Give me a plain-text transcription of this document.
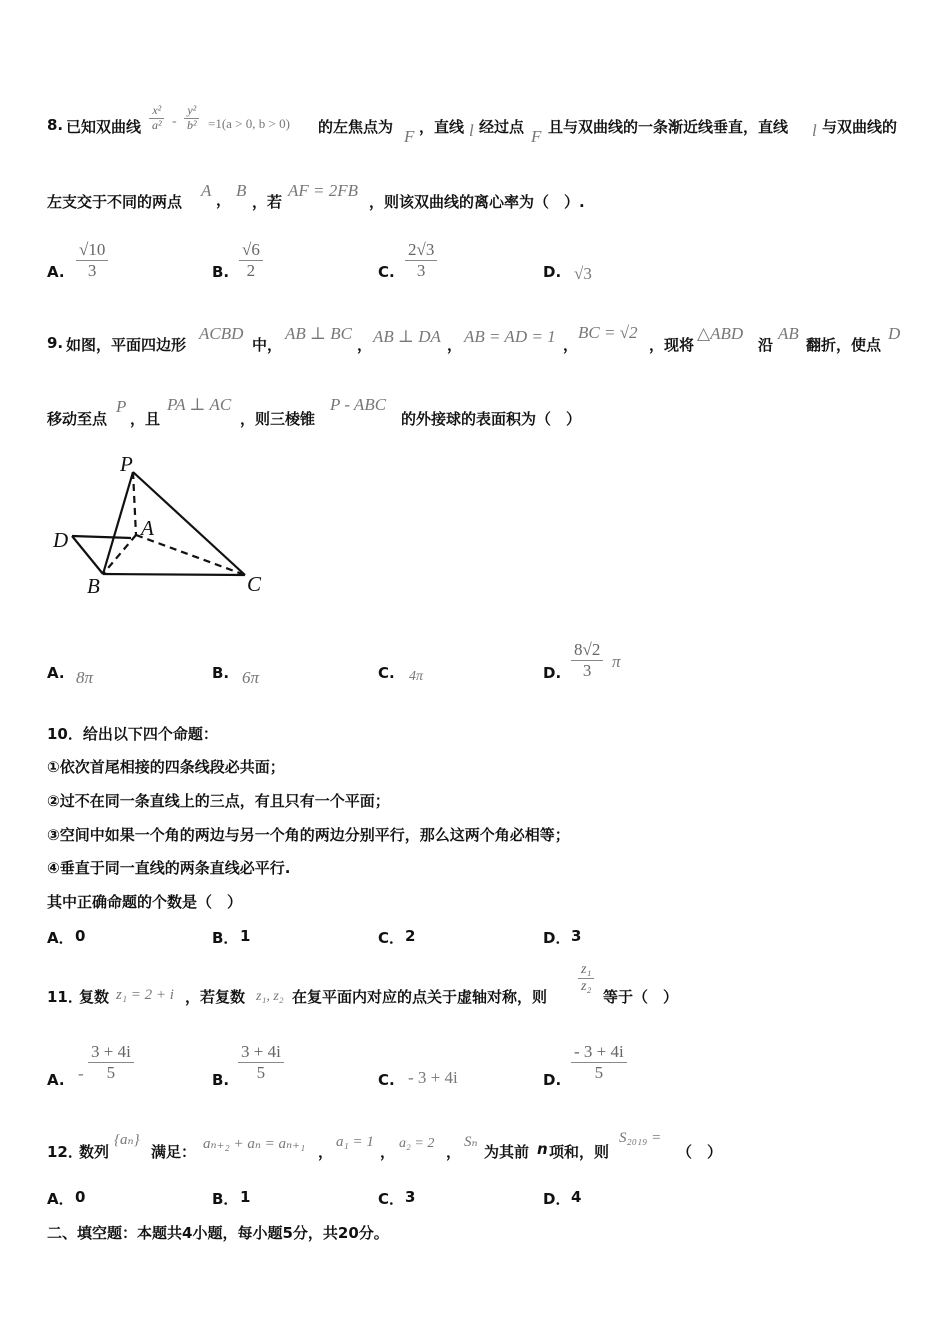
8. 已知双曲线 $\frac{\text{x²}}{\text{a²}} - \frac{\text{y²}}{\text{b²}} =1(a > 0$, b > 0) 的左焦点为 F ，直线 l 经过点 F 且与双曲线的一条渐近线垂直，直线 l 与双曲线的
左支交于不同的两点
A ， B
，若
AF = 2FB
，则该双曲线的离心率为（　）.
A. $\frac{√10}{3}$	B. $\frac{√6}{2}$	C. $\frac{2√3}{3}$	D. √3
9. 如图，平面四边形
ACBD
中，
AB ⊥ BC
， AB ⊥ DA ， AB = AD = 1 ，
BC = √2
，现将
△ABD
沿
AB
翻折，使点
D
移动至点
P
，且
PA ⊥ AC
，则三棱锥
P - ABC
的外接球的表面积为（　）
P
A
D
B	C
A. 8π	B. 6π	C. 4π	D. $\frac{8√2}{3}$ π
10．给出以下四个命题：
①依次首尾相接的四条线段必共面；
②过不在同一条直线上的三点，有且只有一个平面；
③空间中如果一个角的两边与另一个角的两边分别平行，那么这两个角必相等；
④垂直于同一直线的两条直线必平行.
其中正确命题的个数是（　）
A． 0	B． 1	C． 2	D． 3
11．
复数 z₁ = 2 + i ，若复数 z₁, z₂ 在复平面内对应的点关于虚轴对称，则
$\frac{\text{z₁}}{\text{z₂}}$
等于（　）
A. - $\frac{3 + 4i}{5}$	B. $\frac{3 + 4i}{5}$	C. - 3 + 4i	D. $\frac{- 3 + 4i}{5}$
12．
数列
{aₙ}
满足： aₙ₊₂ + aₙ = aₙ₊₁ ，
a₁ = 1
， a₂ = 2 ，
Sₙ
为其前 n 项和，则
S₂₀₁₉ =
（　）
A． 0	B． 1	C． 3	D． 4
二、填空题：本题共4小题，每小题5分，共20分。
